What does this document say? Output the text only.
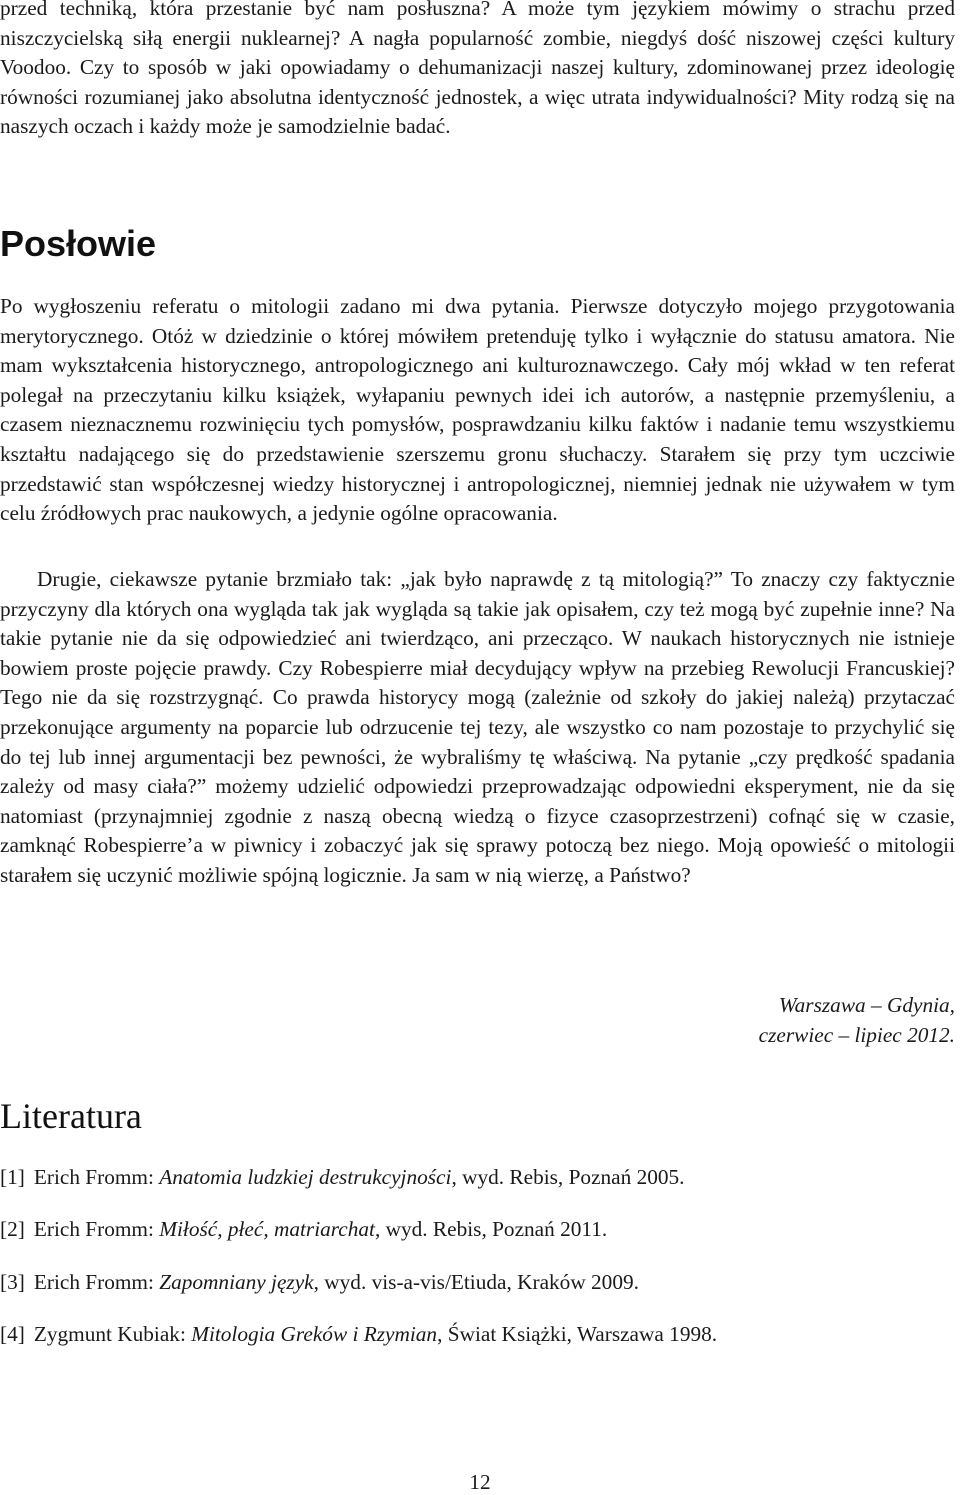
przed techniką, która przestanie być nam posłuszna? A może tym językiem mówimy o strachu przed niszczycielską siłą energii nuklearnej? A nagła popularność zombie, niegdyś dość niszowej części kultury Voodoo. Czy to sposób w jaki opowiadamy o dehumanizacji naszej kultury, zdominowanej przez ideologię równości rozumianej jako absolutna identyczność jednostek, a więc utrata indywidualności? Mity rodzą się na naszych oczach i każdy może je samodzielnie badać.

Posłowie

Po wygłoszeniu referatu o mitologii zadano mi dwa pytania. Pierwsze dotyczyło mojego przygotowania merytorycznego. Otóż w dziedzinie o której mówiłem pretenduję tylko i wyłącznie do statusu amatora. Nie mam wykształcenia historycznego, antropologicznego ani kulturoznawczego. Cały mój wkład w ten referat polegał na przeczytaniu kilku książek, wyłapaniu pewnych idei ich autorów, a następnie przemyśleniu, a czasem nieznacznemu rozwinięciu tych pomysłów, posprawdzaniu kilku faktów i nadanie temu wszystkiemu kształtu nadającego się do przedstawienie szerszemu gronu słuchaczy. Starałem się przy tym uczciwie przedstawić stan współczesnej wiedzy historycznej i antropologicznej, niemniej jednak nie używałem w tym celu źródłowych prac naukowych, a jedynie ogólne opracowania.

Drugie, ciekawsze pytanie brzmiało tak: „jak było naprawdę z tą mitologią?” To znaczy czy faktycznie przyczyny dla których ona wygląda tak jak wygląda są takie jak opisałem, czy też mogą być zupełnie inne? Na takie pytanie nie da się odpowiedzieć ani twierdząco, ani przecząco. W naukach historycznych nie istnieje bowiem proste pojęcie prawdy. Czy Robespierre miał decydujący wpływ na przebieg Rewolucji Francuskiej? Tego nie da się rozstrzygnąć. Co prawda historycy mogą (zależnie od szkoły do jakiej należą) przytaczać przekonujące argumenty na poparcie lub odrzucenie tej tezy, ale wszystko co nam pozostaje to przychylić się do tej lub innej argumentacji bez pewności, że wybraliśmy tę właściwą. Na pytanie „czy prędkość spadania zależy od masy ciała?” możemy udzielić odpowiedzi przeprowadzając odpowiedni eksperyment, nie da się natomiast (przynajmniej zgodnie z naszą obecną wiedzą o fizyce czasoprzestrzeni) cofnąć się w czasie, zamknąć Robespierre’a w piwnicy i zobaczyć jak się sprawy potoczą bez niego. Moją opowieść o mitologii starałem się uczynić możliwie spójną logicznie. Ja sam w nią wierzę, a Państwo?

Warszawa – Gdynia,
czerwiec – lipiec 2012.
Literatura
[1] Erich Fromm: Anatomia ludzkiej destrukcyjności, wyd. Rebis, Poznań 2005.
[2] Erich Fromm: Miłość, płeć, matriarchat, wyd. Rebis, Poznań 2011.
[3] Erich Fromm: Zapomniany język, wyd. vis-a-vis/Etiuda, Kraków 2009.
[4] Zygmunt Kubiak: Mitologia Greków i Rzymian, Świat Książki, Warszawa 1998.
12
